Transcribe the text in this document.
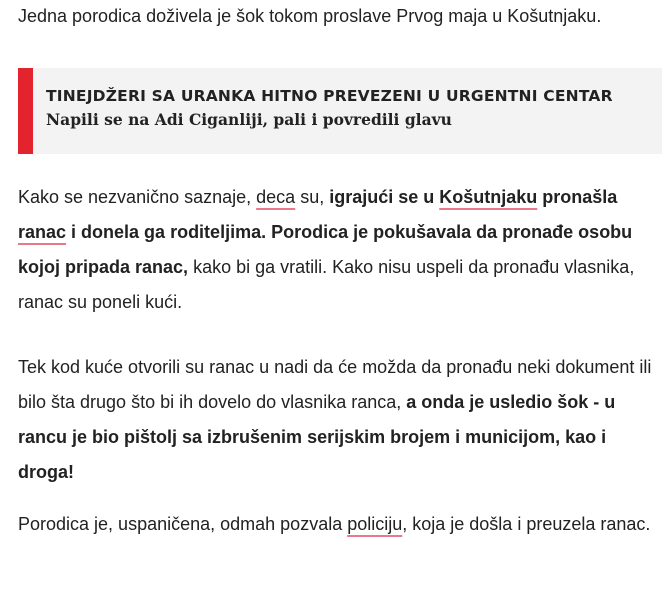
Jedna porodica doživela je šok tokom proslave Prvog maja u Košutnjaku.

TINEJDŽERI SA URANKA HITNO PREVEZENI U URGENTNI CENTAR
Napili se na Adi Ciganliji, pali i povredili glavu

Kako se nezvanično saznaje, deca su, igrajući se u Košutnjaku pronašla ranac i donela ga roditeljima. Porodica je pokušavala da pronađe osobu kojoj pripada ranac, kako bi ga vratili. Kako nisu uspeli da pronađu vlasnika, ranac su poneli kući.

Tek kod kuće otvorili su ranac u nadi da će možda da pronađu neki dokument ili bilo šta drugo što bi ih dovelo do vlasnika ranca, a onda je usledio šok - u rancu je bio pištolj sa izbrušenim serijskim brojem i municijom, kao i droga!

Porodica je, uspaničena, odmah pozvala policiju, koja je došla i preuzela ranac.
